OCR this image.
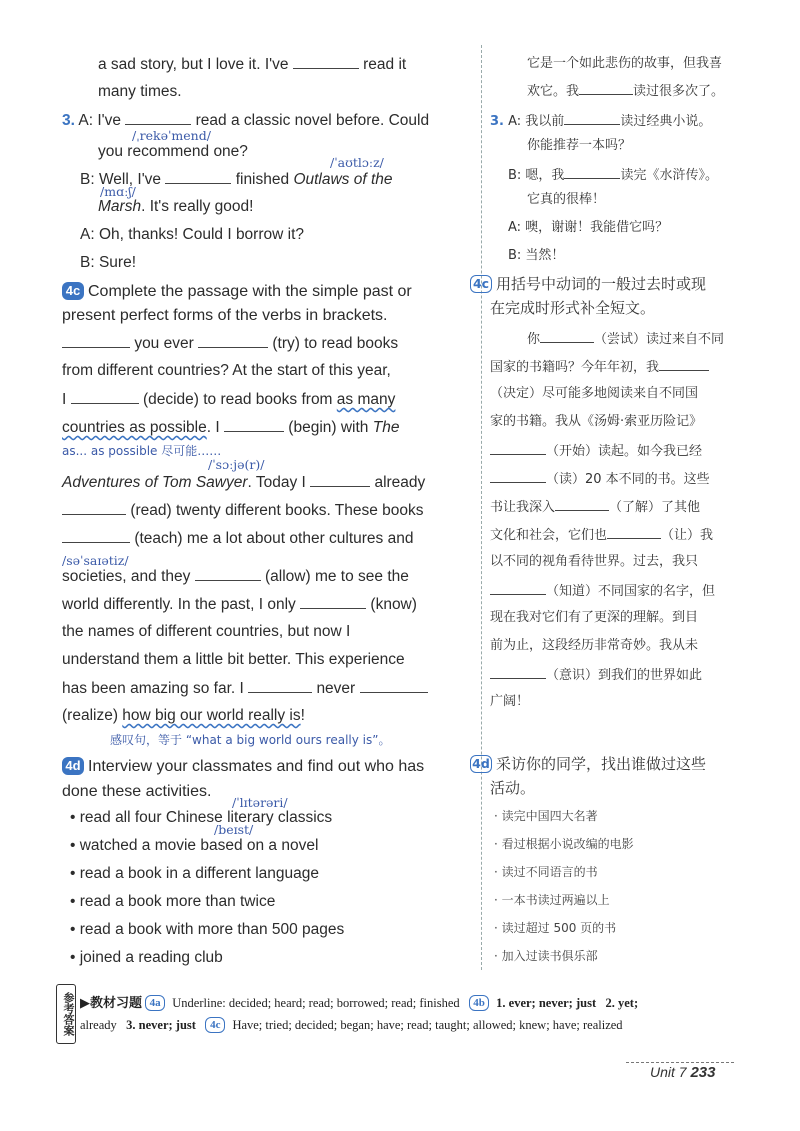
a sad story, but I love it. I've	read it
many times.
3. A: I've	read a classic novel before. Could
/ˌrekəˈmend/
you recommend one?
/ˈaʊtlɔːz/
B: Well, I've	finished Outlaws of the
/mɑːʃ/
Marsh. It's really good!
A: Oh, thanks! Could I borrow it?
B: Sure!
4c Complete the passage with the simple past or
present perfect forms of the verbs in brackets.
you ever	(try) to read books
from different countries? At the start of this year,
I	(decide) to read books from as many
countries as possible. I	(begin) with The
as... as possible 尽可能……
/ˈsɔːjə(r)/
Adventures of Tom Sawyer. Today I	already
(read) twenty different books. These books
(teach) me a lot about other cultures and
/səˈsaɪətiz/
societies, and they	(allow) me to see the
world differently. In the past, I only	(know)
the names of different countries, but now I
understand them a little bit better. This experience
has been amazing so far. I	never
(realize) how big our world really is!
感叹句，等于 “what a big world ours really is”。
4d Interview your classmates and find out who has
done these activities.
/ˈlɪtərəri/
/beɪst/
• read all four Chinese literary classics
• watched a movie based on a novel
• read a book in a different language
• read a book more than twice
• read a book with more than 500 pages
• joined a reading club
它是一个如此悲伤的故事，但我喜
欢它。我	读过很多次了。
3. A: 我以前	读过经典小说。
你能推荐一本吗？
B: 嗯，我	读完《水浒传》。
它真的很棒！
A: 噢，谢谢！我能借它吗？
B: 当然！
4c 用括号中动词的一般过去时或现
在完成时形式补全短文。
你	（尝试）读过来自不同
国家的书籍吗？今年年初，我
（决定）尽可能多地阅读来自不同国
家的书籍。我从《汤姆·索亚历险记》
（开始）读起。如今我已经
（读）20 本不同的书。这些
书让我深入	（了解）了其他
文化和社会，它们也	（让）我
以不同的视角看待世界。过去，我只
（知道）不同国家的名字，但
现在我对它们有了更深的理解。到目
前为止，这段经历非常奇妙。我从未
（意识）到我们的世界如此
广阔！
4d 采访你的同学，找出谁做过这些
活动。
· 读完中国四大名著
· 看过根据小说改编的电影
· 读过不同语言的书
· 一本书读过两遍以上
· 读过超过 500 页的书
· 加入过读书俱乐部
参考答案 ▶教材习题 4a Underline: decided; heard; read; borrowed; read; finished 4b 1. ever; never; just 2. yet;
already 3. never; just 4c Have; tried; decided; began; have; read; taught; allowed; knew; have; realized
Unit 7 233
